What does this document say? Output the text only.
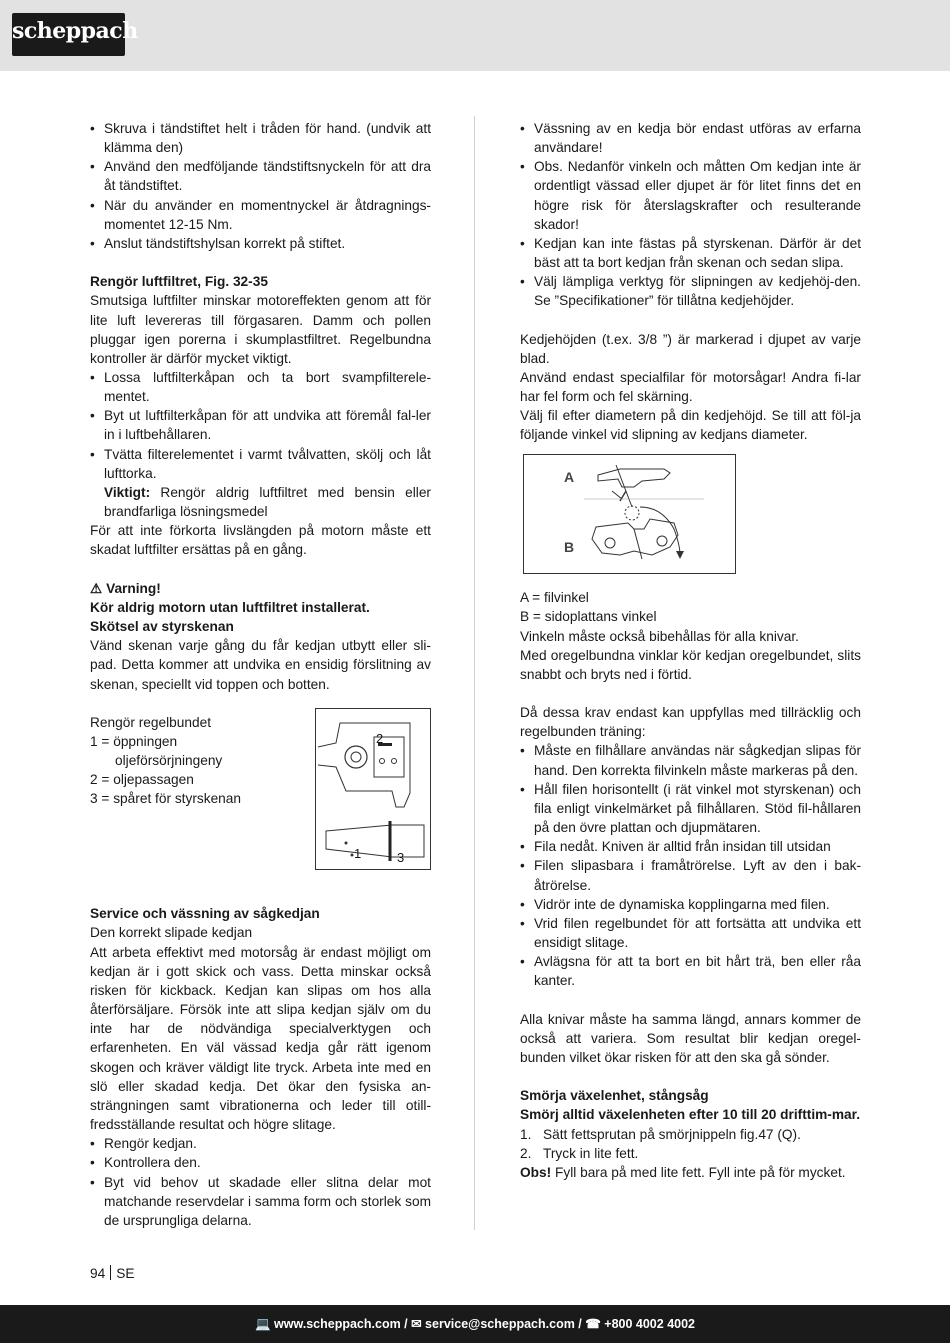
scheppach
• Skruva i tändstiftet helt i tråden för hand. (undvik att klämma den)
• Använd den medföljande tändstiftsnyckeln för att dra åt tändstiftet.
• När du använder en momentnyckel är åtdragnings-momentet 12-15 Nm.
• Anslut tändstiftshylsan korrekt på stiftet.
Rengör luftfiltret, Fig. 32-35
Smutsiga luftfilter minskar motoreffekten genom att för lite luft levereras till förgasaren. Damm och pollen pluggar igen porerna i skumplastfiltret. Regelbundna kontroller är därför mycket viktigt.
• Lossa luftfilterkåpan och ta bort svampfilterele-mentet.
• Byt ut luftfilterkåpan för att undvika att föremål fal-ler in i luftbehållaren.
• Tvätta filterelementet i varmt tvålvatten, skölj och låt lufttorka.
Viktigt: Rengör aldrig luftfiltret med bensin eller brandfarliga lösningsmedel
För att inte förkorta livslängden på motorn måste ett skadat luftfilter ersättas på en gång.
⚠ Varning!
Kör aldrig motorn utan luftfiltret installerat.
Skötsel av styrskenan
Vänd skenan varje gång du får kedjan utbytt eller sli-pad. Detta kommer att undvika en ensidig förslitning av skenan, speciellt vid toppen och botten.
Rengör regelbundet
1 = öppningen
oljeförsörjningeny
2 = oljepassagen
3 = spåret för styrskenan
Service och vässning av sågkedjan
Den korrekt slipade kedjan
Att arbeta effektivt med motorsåg är endast möjligt om kedjan är i gott skick och vass. Detta minskar också risken för kickback. Kedjan kan slipas om hos alla återförsäljare. Försök inte att slipa kedjan själv om du inte har de nödvändiga specialverktygen och erfarenheten. En väl vässad kedja går rätt igenom skogen och kräver väldigt lite tryck. Arbeta inte med en slö eller skadad kedja. Det ökar den fysiska an-strängningen samt vibrationerna och leder till otill-fredsställande resultat och högre slitage.
• Rengör kedjan.
• Kontrollera den.
• Byt vid behov ut skadade eller slitna delar mot matchande reservdelar i samma form och storlek som de ursprungliga delarna.
2
1	3
• Vässning av en kedja bör endast utföras av erfarna användare!
• Obs. Nedanför vinkeln och måtten Om kedjan inte är ordentligt vässad eller djupet är för litet finns det en högre risk för återslagskrafter och resulterande skador!
• Kedjan kan inte fästas på styrskenan. Därför är det bäst att ta bort kedjan från skenan och sedan slipa.
• Välj lämpliga verktyg för slipningen av kedjehöj-den. Se ”Specifikationer” för tillåtna kedjehöjder.
Kedjehöjden (t.ex. 3/8 ”) är markerad i djupet av varje blad.
Använd endast specialfilar för motorsågar! Andra fi-lar har fel form och fel skärning.
Välj fil efter diametern på din kedjehöjd. Se till att föl-ja följande vinkel vid slipning av kedjans diameter.
A = filvinkel
B = sidoplattans vinkel
Vinkeln måste också bibehållas för alla knivar.
Med oregelbundna vinklar kör kedjan oregelbundet, slits snabbt och bryts ned i förtid.
Då dessa krav endast kan uppfyllas med tillräcklig och regelbunden träning:
• Måste en filhållare användas när sågkedjan slipas för hand. Den korrekta filvinkeln måste markeras på den.
• Håll filen horisontellt (i rät vinkel mot styrskenan) och fila enligt vinkelmärket på filhållaren. Stöd fil-hållaren på den övre plattan och djupmätaren.
• Fila nedåt. Kniven är alltid från insidan till utsidan
• Filen slipasbara i framåtrörelse. Lyft av den i bak-åtrörelse.
• Vidrör inte de dynamiska kopplingarna med filen.
• Vrid filen regelbundet för att fortsätta att undvika ett ensidigt slitage.
• Avlägsna för att ta bort en bit hårt trä, ben eller råa kanter.
Alla knivar måste ha samma längd, annars kommer de också att variera. Som resultat blir kedjan oregel-bunden vilket ökar risken för att den ska gå sönder.
Smörja växelenhet, stångsåg
Smörj alltid växelenheten efter 10 till 20 drifttim-mar.
1. Sätt fettsprutan på smörjnippeln fig.47 (Q).
2. Tryck in lite fett.
Obs! Fyll bara på med lite fett. Fyll inte på för mycket.
A
B
94 SE
💻 www.scheppach.com / ✉ service@scheppach.com / ☎ +800 4002 4002
